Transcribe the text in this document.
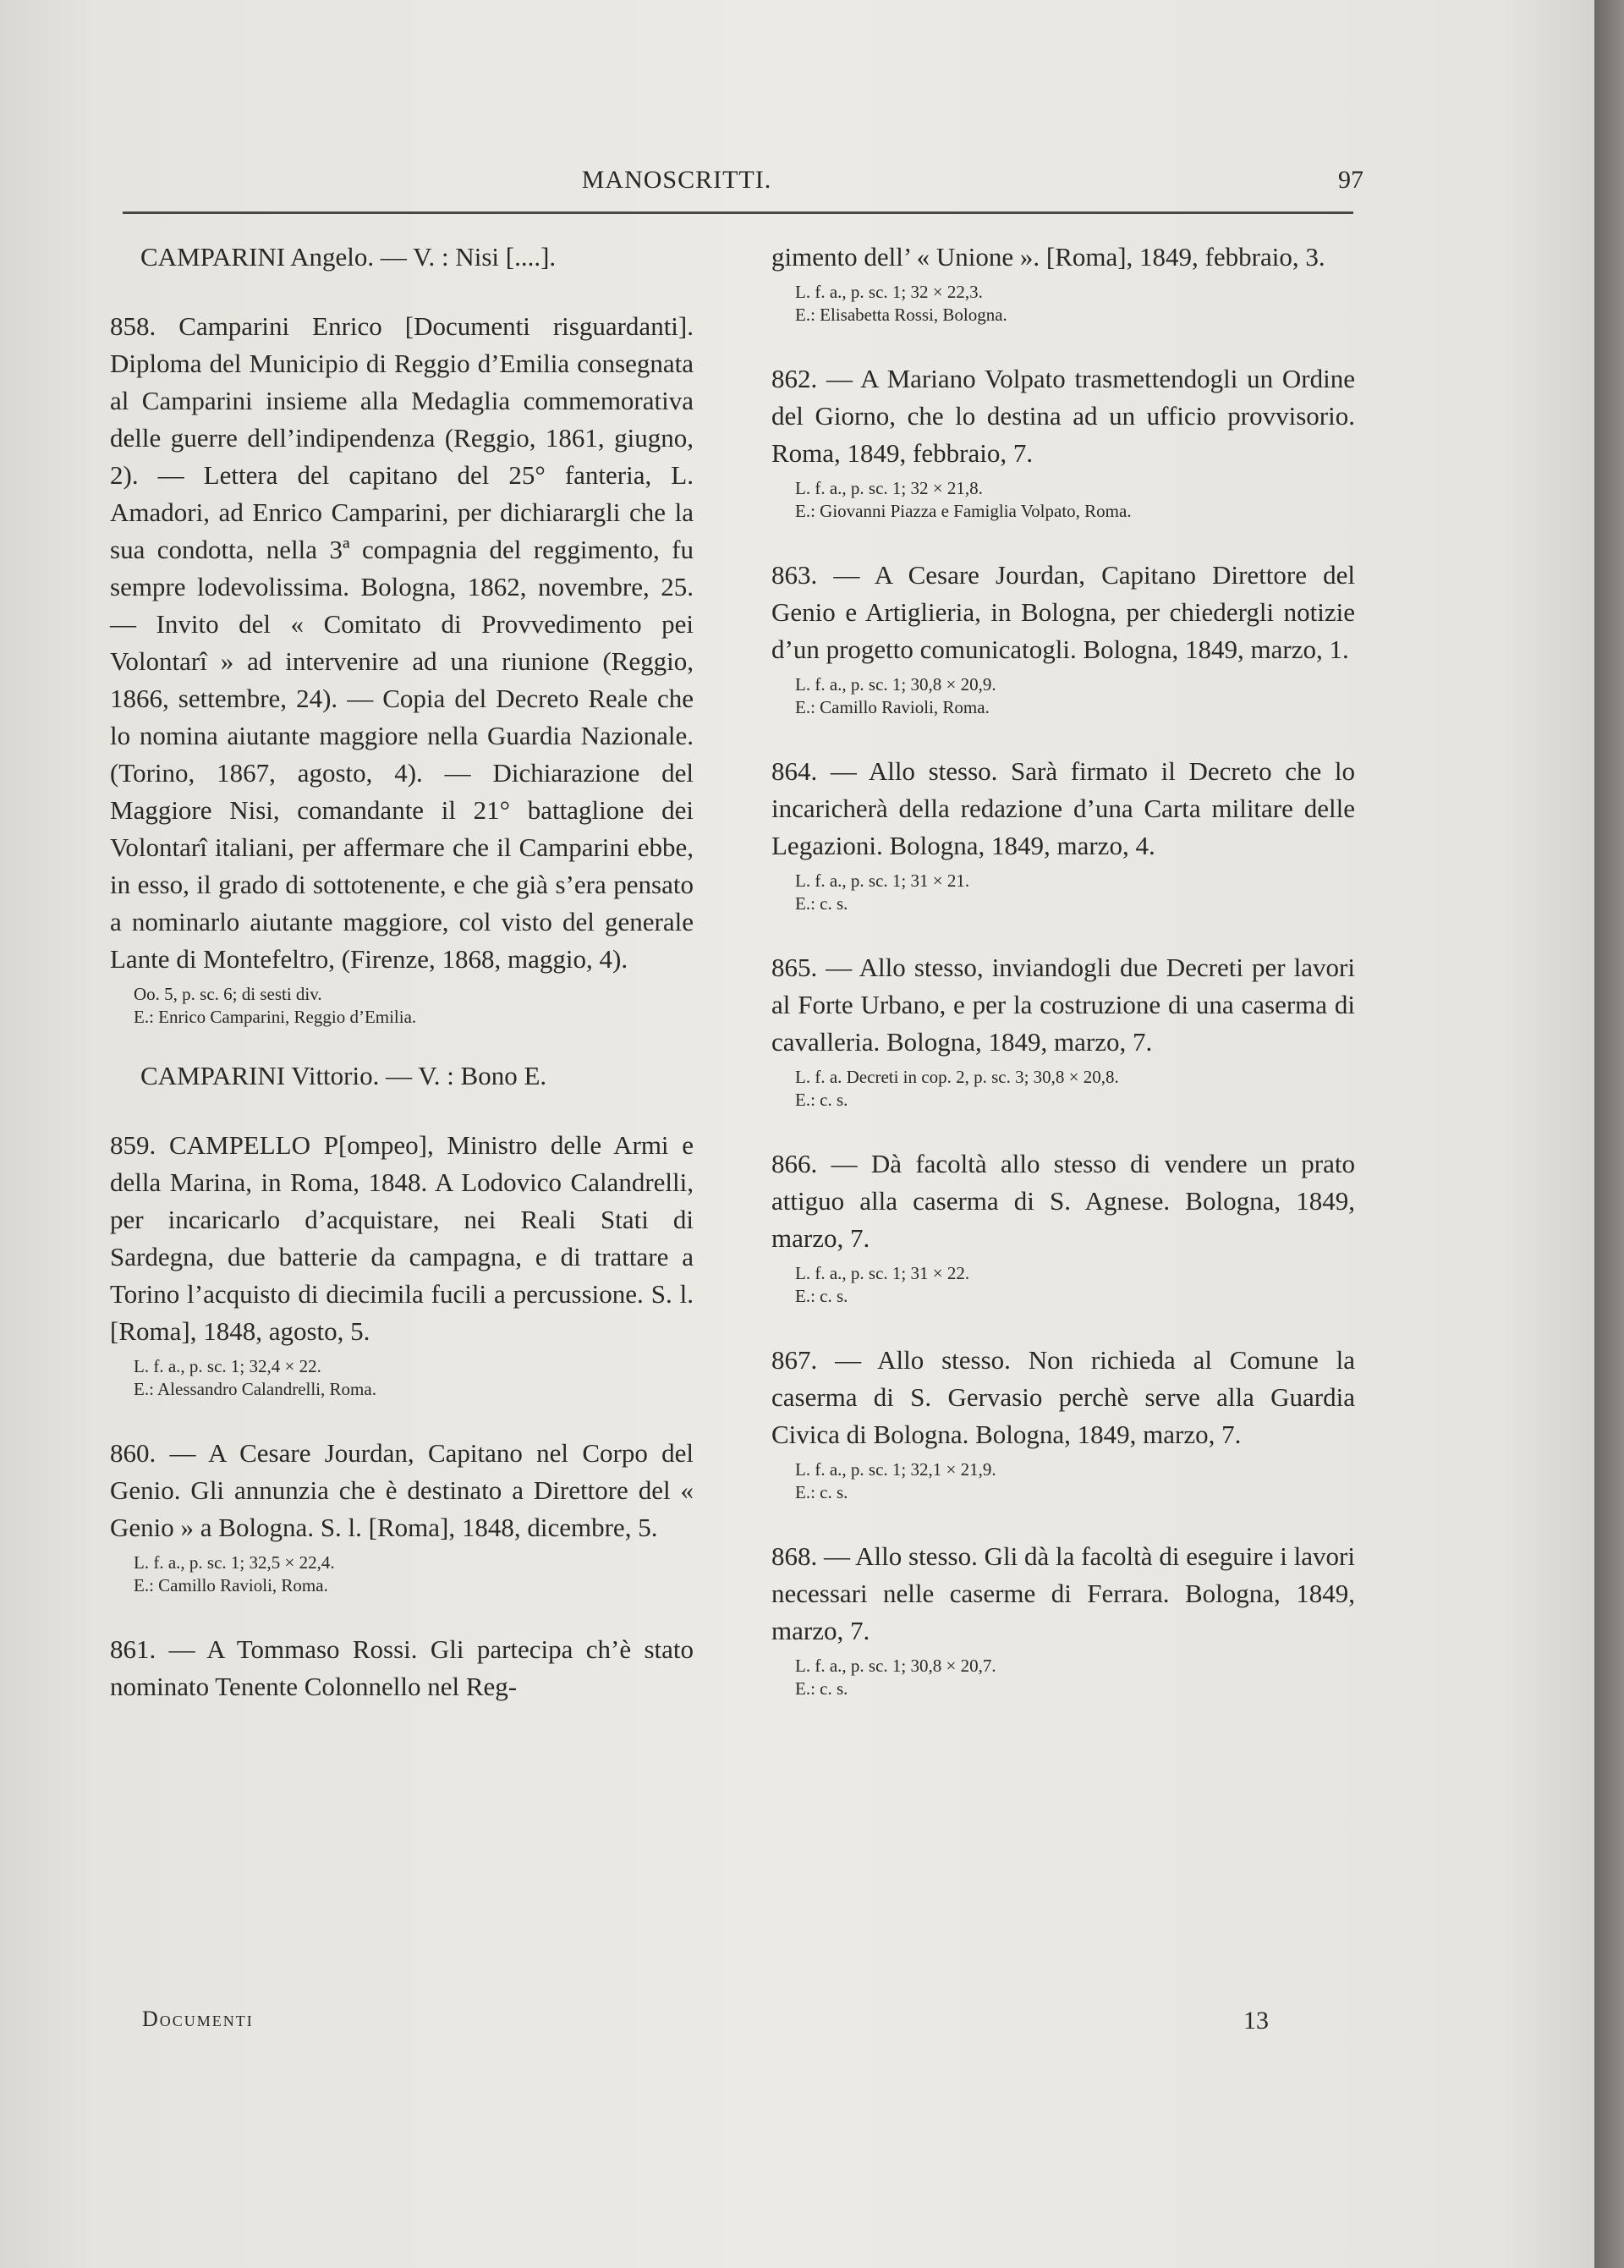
MANOSCRITTI.	97

CAMPARINI Angelo. — V. : Nisi [....].

858. Camparini Enrico [Documenti risguardanti]. Diploma del Municipio di Reggio d’Emilia consegnata al Camparini insieme alla Medaglia commemorativa delle guerre dell’indipendenza (Reggio, 1861, giugno, 2). — Lettera del capitano del 25° fanteria, L. Amadori, ad Enrico Camparini, per dichiarargli che la sua condotta, nella 3ª compagnia del reggimento, fu sempre lodevolissima. Bologna, 1862, novembre, 25. — Invito del « Comitato di Provvedimento pei Volontarî » ad intervenire ad una riunione (Reggio, 1866, settembre, 24). — Copia del Decreto Reale che lo nomina aiutante maggiore nella Guardia Nazionale. (Torino, 1867, agosto, 4). — Dichiarazione del Maggiore Nisi, comandante il 21° battaglione dei Volontarî italiani, per affermare che il Camparini ebbe, in esso, il grado di sottotenente, e che già s’era pensato a nominarlo aiutante maggiore, col visto del generale Lante di Montefeltro, (Firenze, 1868, maggio, 4).

Oo. 5, p. sc. 6; di sesti div.

E.: Enrico Camparini, Reggio d’Emilia.

CAMPARINI Vittorio. — V. : Bono E.

859. CAMPELLO P[ompeo], Ministro delle Armi e della Marina, in Roma, 1848. A Lodovico Calandrelli, per incaricarlo d’acquistare, nei Reali Stati di Sardegna, due batterie da campagna, e di trattare a Torino l’acquisto di diecimila fucili a percussione. S. l. [Roma], 1848, agosto, 5.

L. f. a., p. sc. 1; 32,4 × 22.

E.: Alessandro Calandrelli, Roma.

860. — A Cesare Jourdan, Capitano nel Corpo del Genio. Gli annunzia che è destinato a Direttore del « Genio » a Bologna. S. l. [Roma], 1848, dicembre, 5.

L. f. a., p. sc. 1; 32,5 × 22,4.

E.: Camillo Ravioli, Roma.

861. — A Tommaso Rossi. Gli partecipa ch’è stato nominato Tenente Colonnello nel Reg-

gimento dell’ « Unione ». [Roma], 1849, febbraio, 3.

L. f. a., p. sc. 1; 32 × 22,3.

E.: Elisabetta Rossi, Bologna.

862. — A Mariano Volpato trasmettendogli un Ordine del Giorno, che lo destina ad un ufficio provvisorio. Roma, 1849, febbraio, 7.

L. f. a., p. sc. 1; 32 × 21,8.

E.: Giovanni Piazza e Famiglia Volpato, Roma.

863. — A Cesare Jourdan, Capitano Direttore del Genio e Artiglieria, in Bologna, per chiedergli notizie d’un progetto comunicatogli. Bologna, 1849, marzo, 1.

L. f. a., p. sc. 1; 30,8 × 20,9.

E.: Camillo Ravioli, Roma.

864. — Allo stesso. Sarà firmato il Decreto che lo incaricherà della redazione d’una Carta militare delle Legazioni. Bologna, 1849, marzo, 4.

L. f. a., p. sc. 1; 31 × 21.

E.: c. s.

865. — Allo stesso, inviandogli due Decreti per lavori al Forte Urbano, e per la costruzione di una caserma di cavalleria. Bologna, 1849, marzo, 7.

L. f. a. Decreti in cop. 2, p. sc. 3; 30,8 × 20,8.

E.: c. s.

866. — Dà facoltà allo stesso di vendere un prato attiguo alla caserma di S. Agnese. Bologna, 1849, marzo, 7.

L. f. a., p. sc. 1; 31 × 22.

E.: c. s.

867. — Allo stesso. Non richieda al Comune la caserma di S. Gervasio perchè serve alla Guardia Civica di Bologna. Bologna, 1849, marzo, 7.

L. f. a., p. sc. 1; 32,1 × 21,9.

E.: c. s.

868. — Allo stesso. Gli dà la facoltà di eseguire i lavori necessari nelle caserme di Ferrara. Bologna, 1849, marzo, 7.

L. f. a., p. sc. 1; 30,8 × 20,7.

E.: c. s.

Documenti	13
